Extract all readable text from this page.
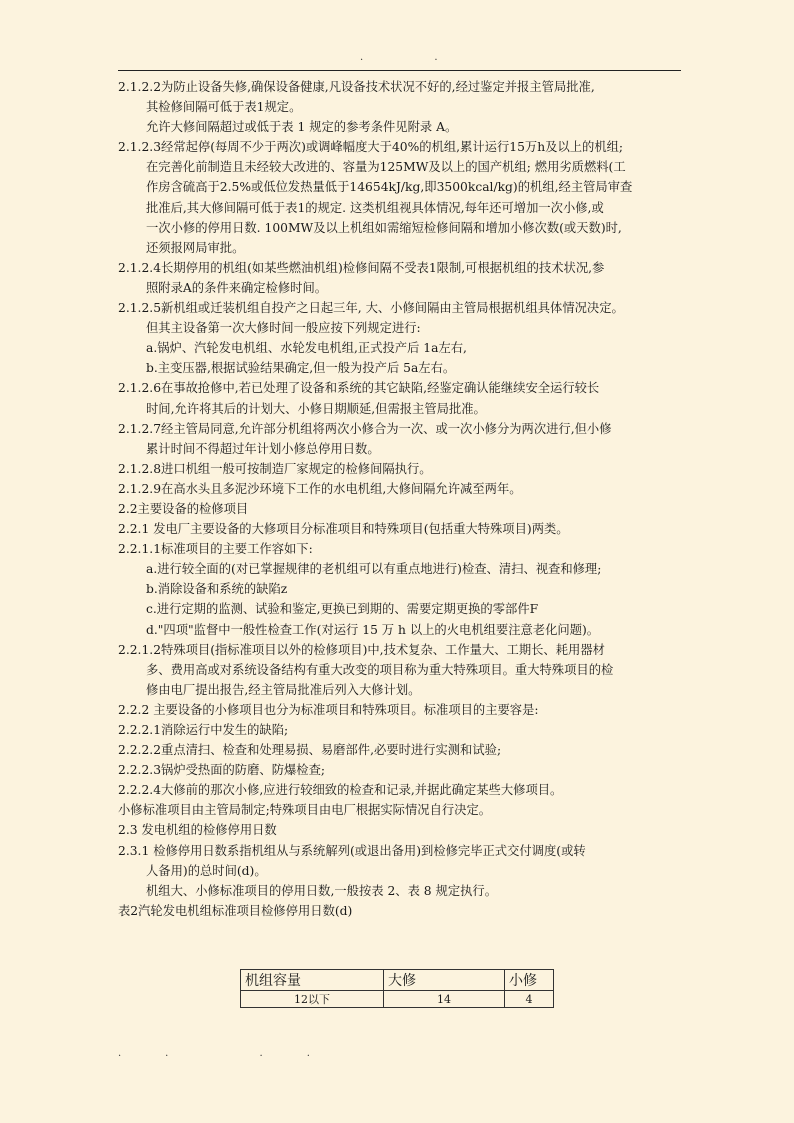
. .
2.1.2.2为防止设备失修,确保设备健康,凡设备技术状况不好的,经过鉴定并报主管局批准,
其检修间隔可低于表1规定。
允许大修间隔超过或低于表 1 规定的参考条件见附录 A。
2.1.2.3经常起停(每周不少于两次)或调峰幅度大于40%的机组,累计运行15万h及以上的机组;
在完善化前制造且未经较大改进的、容量为125MW及以上的国产机组; 燃用劣质燃料(工
作房含硫高于2.5%或低位发热量低于14654kJ/kg,即3500kcal/kg)的机组,经主管局审查
批准后,其大修间隔可低于表1的规定. 这类机组视具体情况,每年还可增加一次小修,或
一次小修的停用日数. 100MW及以上机组如需缩短检修间隔和增加小修次数(或天数)时,
还须报网局审批。
2.1.2.4长期停用的机组(如某些燃油机组)检修间隔不受表1限制,可根据机组的技术状况,参
照附录A的条件来确定检修时间。
2.1.2.5新机组或迁装机组自投产之日起三年, 大、小修间隔由主管局根据机组具体情况决定。
但其主设备第一次大修时间一般应按下列规定进行:
a.锅炉、汽轮发电机组、水轮发电机组,正式投产后 1a左右,
b.主变压器,根据试验结果确定,但一般为投产后 5a左右。
2.1.2.6在事故抢修中,若已处理了设备和系统的其它缺陷,经鉴定确认能继续安全运行较长
时间,允许将其后的计划大、小修日期顺延,但需报主管局批准。
2.1.2.7经主管局同意,允许部分机组将两次小修合为一次、或一次小修分为两次进行,但小修
累计时间不得超过年计划小修总停用日数。
2.1.2.8进口机组一般可按制造厂家规定的检修间隔执行。
2.1.2.9在高水头且多泥沙环境下工作的水电机组,大修间隔允许减至两年。
2.2主要设备的检修项目
2.2.1 发电厂主要设备的大修项目分标准项目和特殊项目(包括重大特殊项目)两类。
2.2.1.1标准项目的主要工作容如下:
a.进行较全面的(对已掌握规律的老机组可以有重点地进行)检查、清扫、视查和修理;
b.消除设备和系统的缺陷z
c.进行定期的监测、试验和鉴定,更换已到期的、需要定期更换的零部件F
d."四项"监督中一般性检查工作(对运行 15 万 h 以上的火电机组要注意老化问题)。
2.2.1.2特殊项目(指标准项目以外的检修项目)中,技术复杂、工作量大、工期长、耗用器材
多、费用高或对系统设备结构有重大改变的项目称为重大特殊项目。重大特殊项目的检
修由电厂提出报告,经主管局批准后列入大修计划。
2.2.2 主要设备的小修项目也分为标准项目和特殊项目。标准项目的主要容是:
2.2.2.1消除运行中发生的缺陷;
2.2.2.2重点清扫、检查和处理易损、易磨部件,必要时进行实测和试验;
2.2.2.3锅炉受热面的防磨、防爆检查;
2.2.2.4大修前的那次小修,应进行较细致的检查和记录,并据此确定某些大修项目。
小修标准项目由主管局制定;特殊项目由电厂根据实际情况自行决定。
2.3 发电机组的检修停用日数
2.3.1 检修停用日数系指机组从与系统解列(或退出备用)到检修完毕正式交付调度(或转
人备用)的总时间(d)。
机组大、小修标准项目的停用日数,一般按表 2、表 8 规定执行。
表2汽轮发电机组标准项目检修停用日数(d)
机组容量	大修	小修
12以下	14	4
.. ..
